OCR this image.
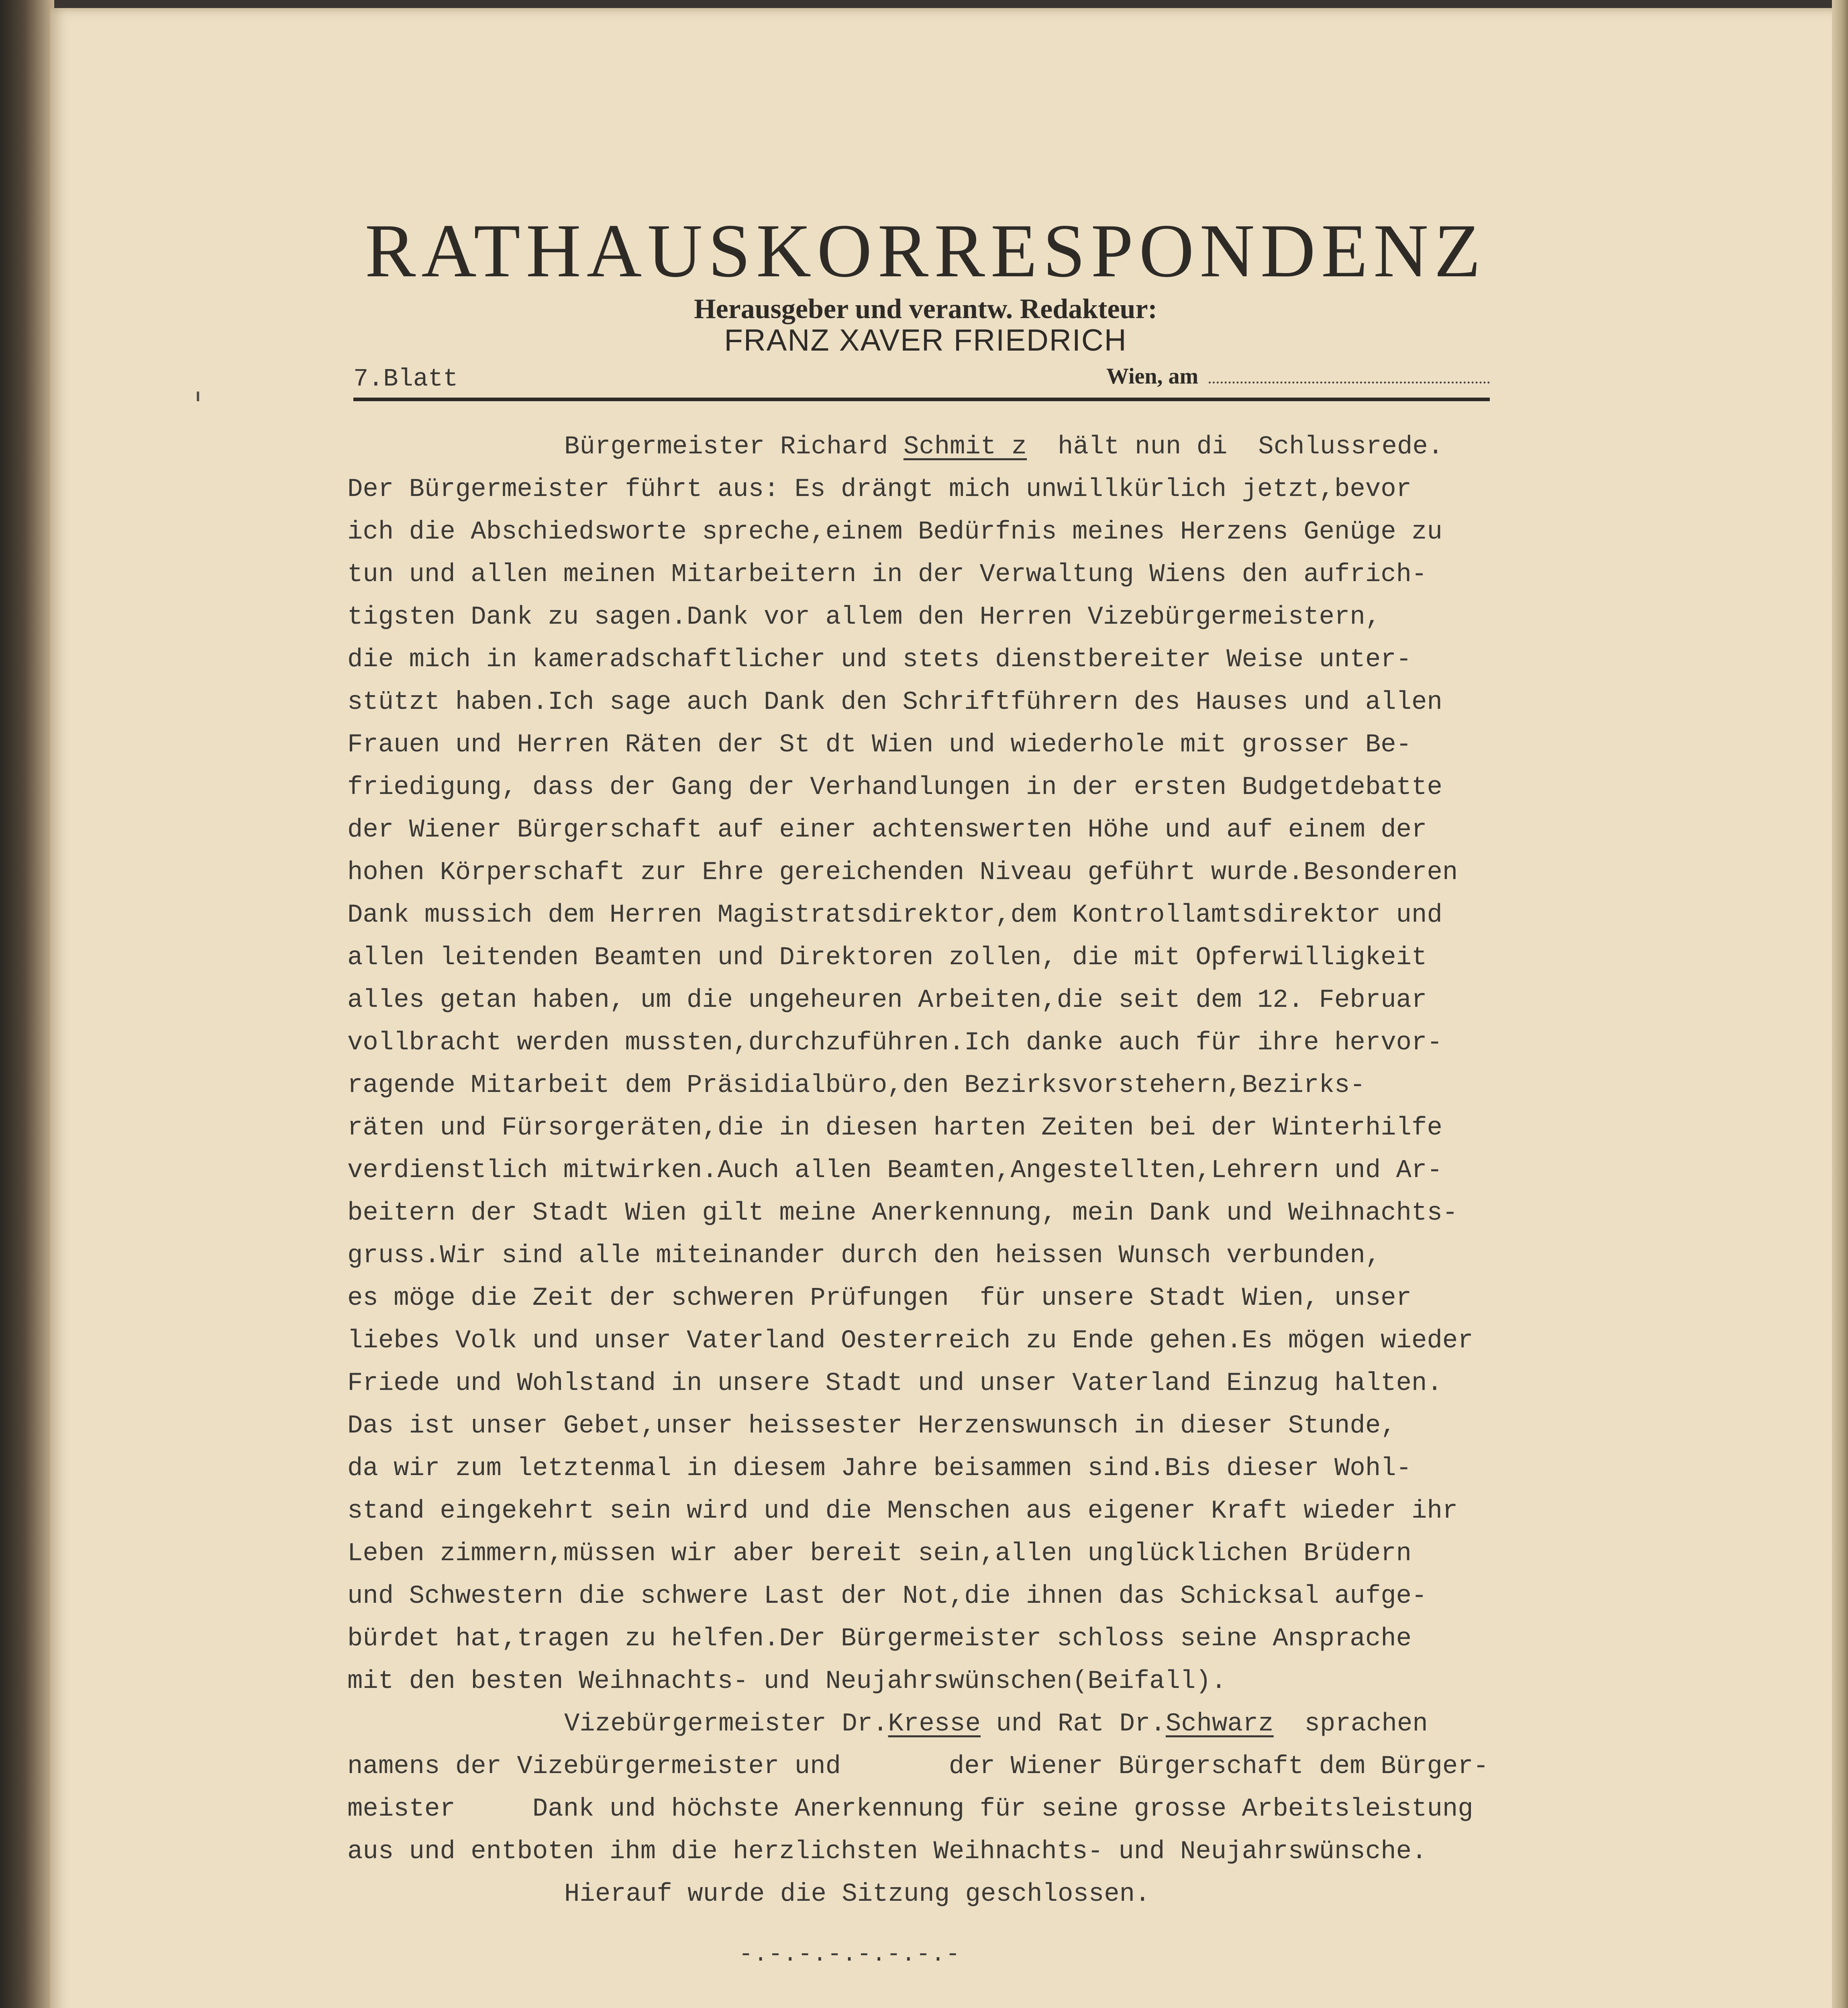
RATHAUSKORRESPONDENZ
Herausgeber und verantw. Redakteur:
FRANZ XAVER FRIEDRICH
7.Blatt	Wien, am
Bürgermeister Richard Schmit z  hält nun di  Schlussrede.
Der Bürgermeister führt aus: Es drängt mich unwillkürlich jetzt,bevor
ich die Abschiedsworte spreche,einem Bedürfnis meines Herzens Genüge zu
tun und allen meinen Mitarbeitern in der Verwaltung Wiens den aufrich-
tigsten Dank zu sagen.Dank vor allem den Herren Vizebürgermeistern,
die mich in kameradschaftlicher und stets dienstbereiter Weise unter-
stützt haben.Ich sage auch Dank den Schriftführern des Hauses und allen
Frauen und Herren Räten der St dt Wien und wiederhole mit grosser Be-
friedigung, dass der Gang der Verhandlungen in der ersten Budgetdebatte
der Wiener Bürgerschaft auf einer achtenswerten Höhe und auf einem der
hohen Körperschaft zur Ehre gereichenden Niveau geführt wurde.Besonderen
Dank mussich dem Herren Magistratsdirektor,dem Kontrollamtsdirektor und
allen leitenden Beamten und Direktoren zollen, die mit Opferwilligkeit
alles getan haben, um die ungeheuren Arbeiten,die seit dem 12. Februar
vollbracht werden mussten,durchzuführen.Ich danke auch für ihre hervor-
ragende Mitarbeit dem Präsidialbüro,den Bezirksvorstehern,Bezirks-
räten und Fürsorgeräten,die in diesen harten Zeiten bei der Winterhilfe
verdienstlich mitwirken.Auch allen Beamten,Angestellten,Lehrern und Ar-
beitern der Stadt Wien gilt meine Anerkennung, mein Dank und Weihnachts-
gruss.Wir sind alle miteinander durch den heissen Wunsch verbunden,
es möge die Zeit der schweren Prüfungen  für unsere Stadt Wien, unser
liebes Volk und unser Vaterland Oesterreich zu Ende gehen.Es mögen wieder
Friede und Wohlstand in unsere Stadt und unser Vaterland Einzug halten.
Das ist unser Gebet,unser heissester Herzenswunsch in dieser Stunde,
da wir zum letztenmal in diesem Jahre beisammen sind.Bis dieser Wohl-
stand eingekehrt sein wird und die Menschen aus eigener Kraft wieder ihr
Leben zimmern,müssen wir aber bereit sein,allen unglücklichen Brüdern
und Schwestern die schwere Last der Not,die ihnen das Schicksal aufge-
bürdet hat,tragen zu helfen.Der Bürgermeister schloss seine Ansprache
mit den besten Weihnachts- und Neujahrswünschen(Beifall).
Vizebürgermeister Dr.Kresse und Rat Dr.Schwarz  sprachen
namens der Vizebürgermeister und       der Wiener Bürgerschaft dem Bürger-
meister     Dank und höchste Anerkennung für seine grosse Arbeitsleistung
aus und entboten ihm die herzlichsten Weihnachts- und Neujahrswünsche.
Hierauf wurde die Sitzung geschlossen.
-.-.-.-.-.-.-.-
